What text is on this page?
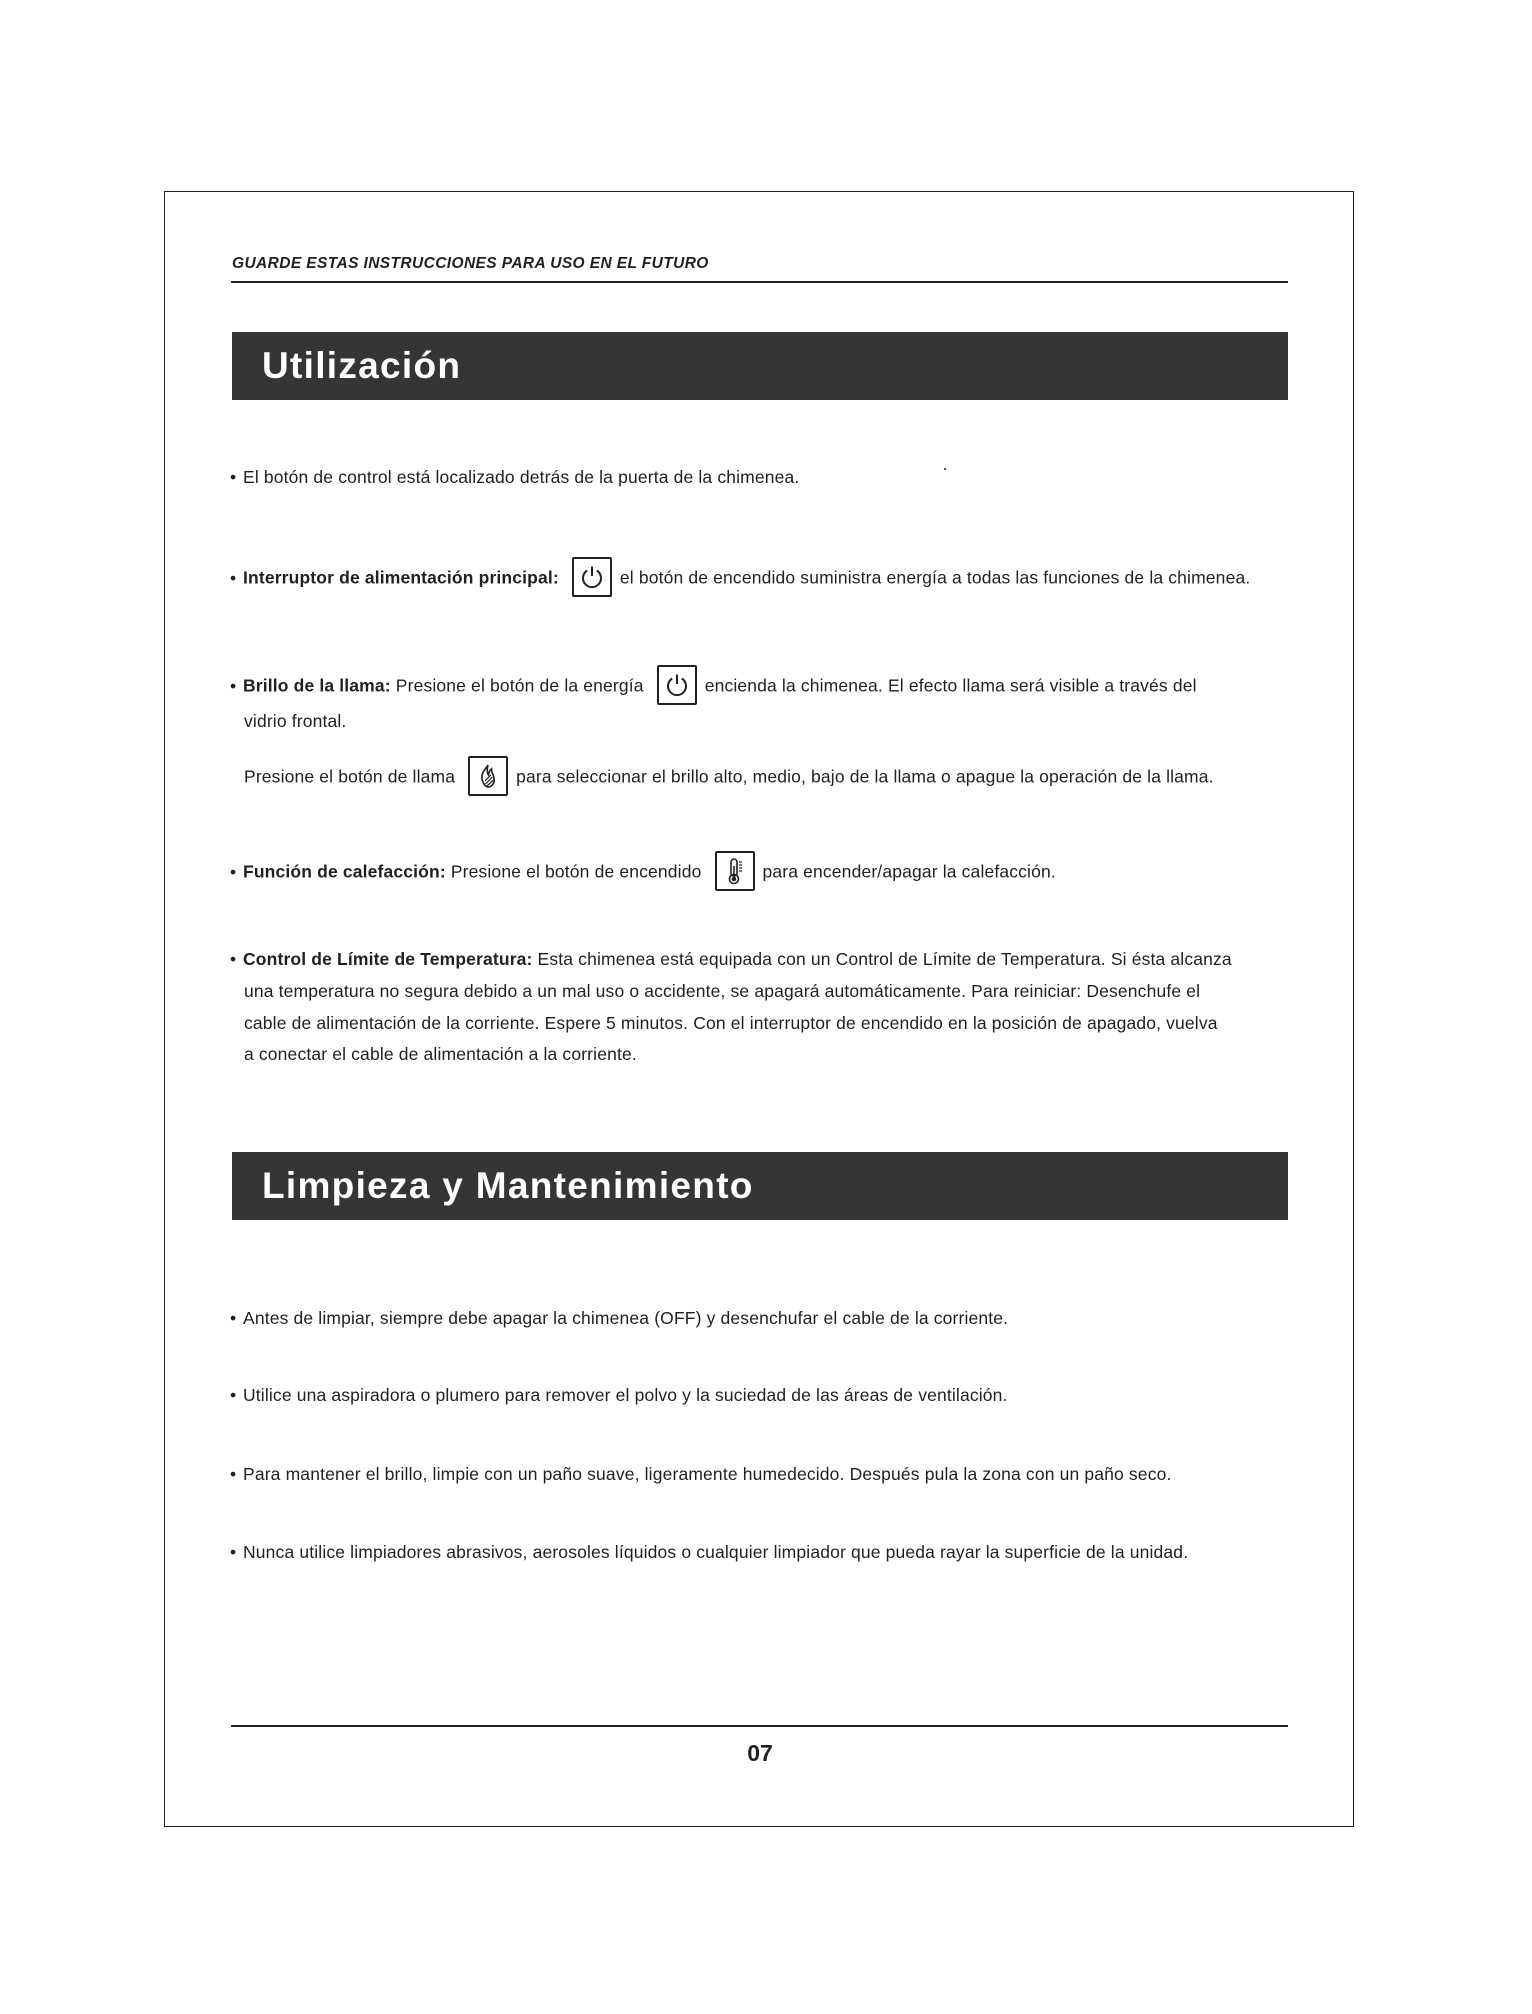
GUARDE ESTAS INSTRUCCIONES PARA USO EN EL FUTURO
Utilización
• El botón de control está localizado detrás de la puerta de la chimenea.
• Interruptor de alimentación principal:	el botón de encendido suministra energía a todas las funciones de la chimenea.
• Brillo de la llama: Presione el botón de la energía	encienda la chimenea. El efecto llama será visible a través del
vidrio frontal.
Presione el botón de llama	para seleccionar el brillo alto, medio, bajo de la llama o apague la operación de la llama.
• Función de calefacción: Presione el botón de encendido	para encender/apagar la calefacción.
• Control de Límite de Temperatura: Esta chimenea está equipada con un Control de Límite de Temperatura. Si ésta alcanza
una temperatura no segura debido a un mal uso o accidente, se apagará automáticamente. Para reiniciar: Desenchufe el
cable de alimentación de la corriente. Espere 5 minutos. Con el interruptor de encendido en la posición de apagado, vuelva
a conectar el cable de alimentación a la corriente.
Limpieza y Mantenimiento
• Antes de limpiar, siempre debe apagar la chimenea (OFF) y desenchufar el cable de la corriente.
• Utilice una aspiradora o plumero para remover el polvo y la suciedad de las áreas de ventilación.
• Para mantener el brillo, limpie con un paño suave, ligeramente humedecido. Después pula la zona con un paño seco.
• Nunca utilice limpiadores abrasivos, aerosoles líquidos o cualquier limpiador que pueda rayar la superficie de la unidad.
07
